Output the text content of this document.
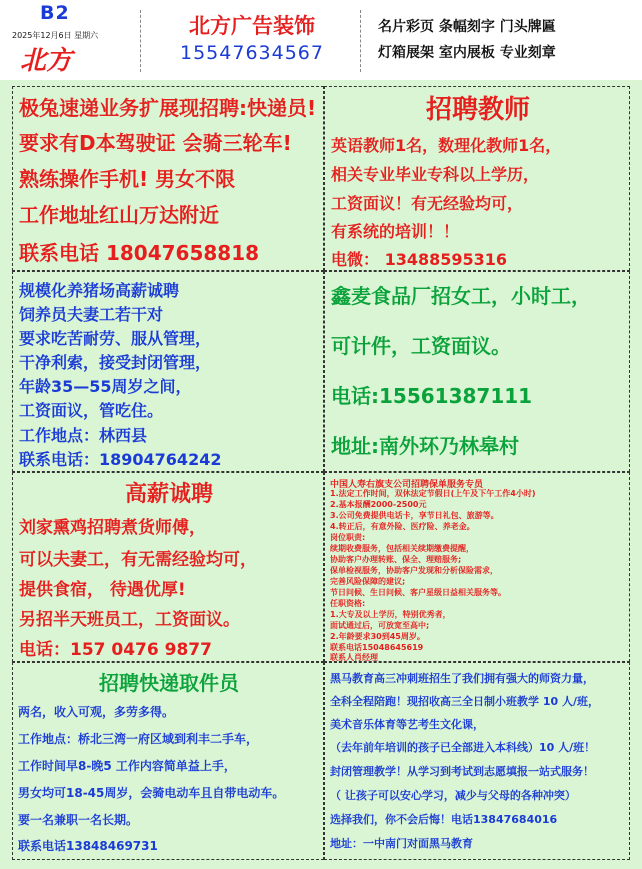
B2
2025年12月6日 星期六
北方
北方广告装饰
15547634567
名片彩页 条幅刻字 门头牌匾
灯箱展架 室内展板 专业刻章
极兔速递业务扩展现招聘:快递员!
要求有D本驾驶证 会骑三轮车!
熟练操作手机! 男女不限
工作地址红山万达附近
联系电话 18047658818
招聘教师
英语教师1名，数理化教师1名，
相关专业毕业专科以上学历，
工资面议！有无经验均可，
有系统的培训！！
电微： 13488595316
规模化养猪场高薪诚聘
饲养员夫妻工若干对
要求吃苦耐劳、服从管理，
干净利索，接受封闭管理，
年龄35—55周岁之间，
工资面议，管吃住。
工作地点：林西县
联系电话：18904764242
鑫麦食品厂招女工，小时工，
可计件，工资面议。
电话:15561387111
地址:南外环乃林皋村
高薪诚聘
刘家熏鸡招聘煮货师傅，
可以夫妻工，有无需经验均可，
提供食宿， 待遇优厚!
另招半天班员工，工资面议。
电话：157 0476 9877
中国人寿右旗支公司招聘保单服务专员
1.法定工作时间，双休法定节假日(上午及下午工作4小时)
2.基本报酬2000-2500元
3.公司免费提供电话卡，享节日礼包、旅游等。
4.转正后，有意外险、医疗险、养老金。
岗位职责:
续期收费服务，包括相关续期缴费提醒，
协助客户办理转账、保全、理赔服务;
保单检视服务，协助客户发现和分析保险需求，
完善风险保障的建议;
节日问候、生日问候、客户星级日益相关服务等。
任职资格:
1.大专及以上学历，特别优秀者，
面试通过后，可放宽至高中;
2.年龄要求30到45周岁。
联系电话15048645619
联系人肖经理
招聘快递取件员
两名，收入可观，多劳多得。
工作地点：桥北三湾一府区域到利丰二手车，
工作时间早8-晚5 工作内容简单益上手，
男女均可18-45周岁，会骑电动车且自带电动车。
要一名兼职一名长期。
联系电话13848469731
黑马教育高三冲刺班招生了我们拥有强大的师资力量，
全科全程陪跑！现招收高三全日制小班教学 10 人/班，
美术音乐体育等艺考生文化课，
（去年前年培训的孩子已全部进入本科线）10 人/班！
封闭管理教学！从学习到考试到志愿填报一站式服务！
（ 让孩子可以安心学习，减少与父母的各种冲突）
选择我们，你不会后悔！电话13847684016
地址：一中南门对面黑马教育
